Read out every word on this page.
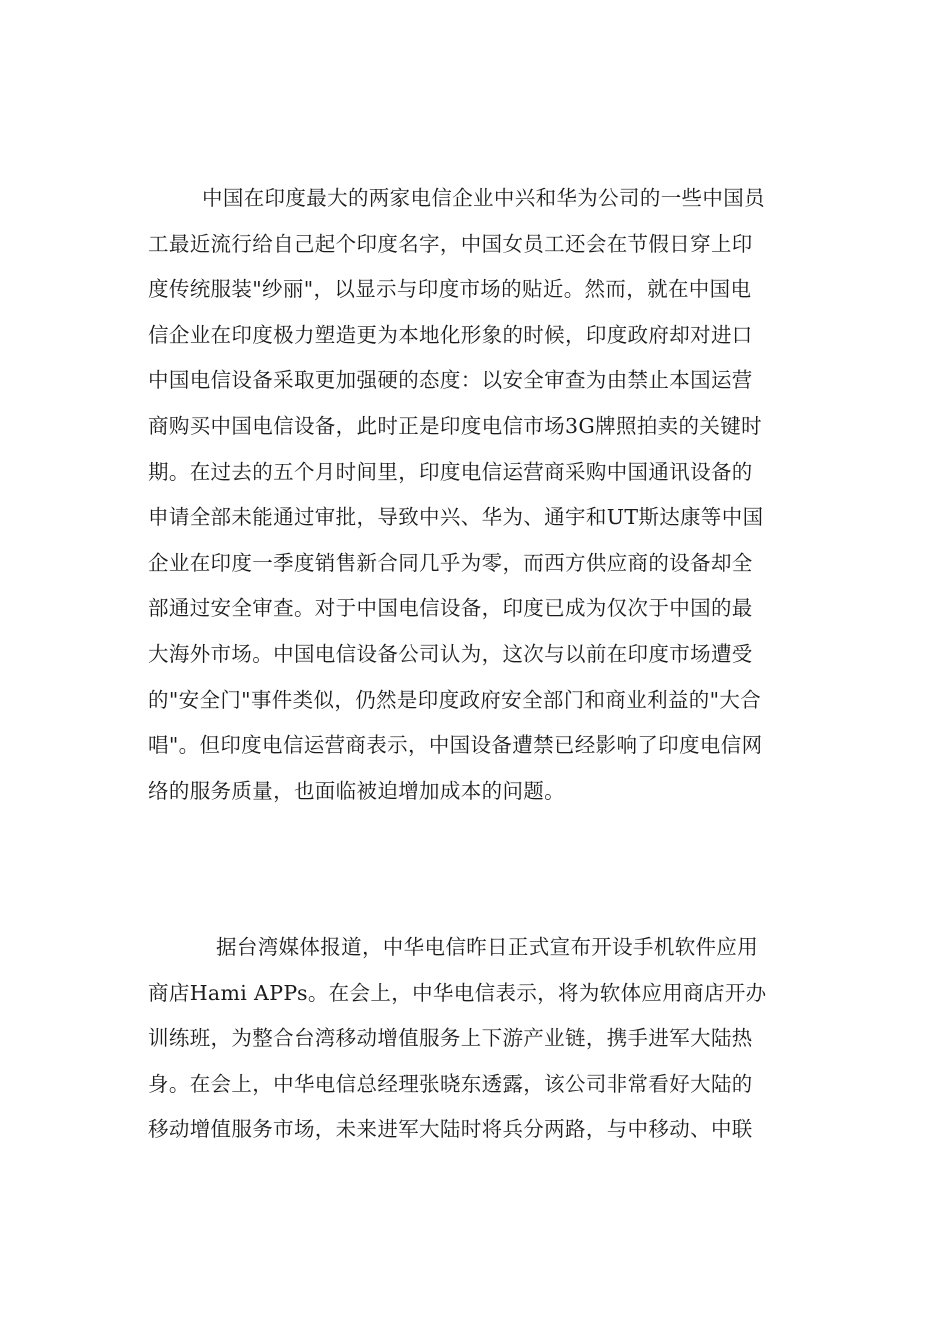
中国在印度最大的两家电信企业中兴和华为公司的一些中国员
工最近流行给自己起个印度名字，中国女员工还会在节假日穿上印
度传统服装"纱丽"，以显示与印度市场的贴近。然而，就在中国电
信企业在印度极力塑造更为本地化形象的时候，印度政府却对进口
中国电信设备采取更加强硬的态度：以安全审查为由禁止本国运营
商购买中国电信设备，此时正是印度电信市场3G牌照拍卖的关键时
期。在过去的五个月时间里，印度电信运营商采购中国通讯设备的
申请全部未能通过审批，导致中兴、华为、通宇和UT斯达康等中国
企业在印度一季度销售新合同几乎为零，而西方供应商的设备却全
部通过安全审查。对于中国电信设备，印度已成为仅次于中国的最
大海外市场。中国电信设备公司认为，这次与以前在印度市场遭受
的"安全门"事件类似，仍然是印度政府安全部门和商业利益的"大合
唱"。但印度电信运营商表示，中国设备遭禁已经影响了印度电信网
络的服务质量，也面临被迫增加成本的问题。

据台湾媒体报道，中华电信昨日正式宣布开设手机软件应用
商店Hami APPs。在会上，中华电信表示，将为软体应用商店开办
训练班，为整合台湾移动增值服务上下游产业链，携手进军大陆热
身。在会上，中华电信总经理张晓东透露，该公司非常看好大陆的
移动增值服务市场，未来进军大陆时将兵分两路，与中移动、中联
